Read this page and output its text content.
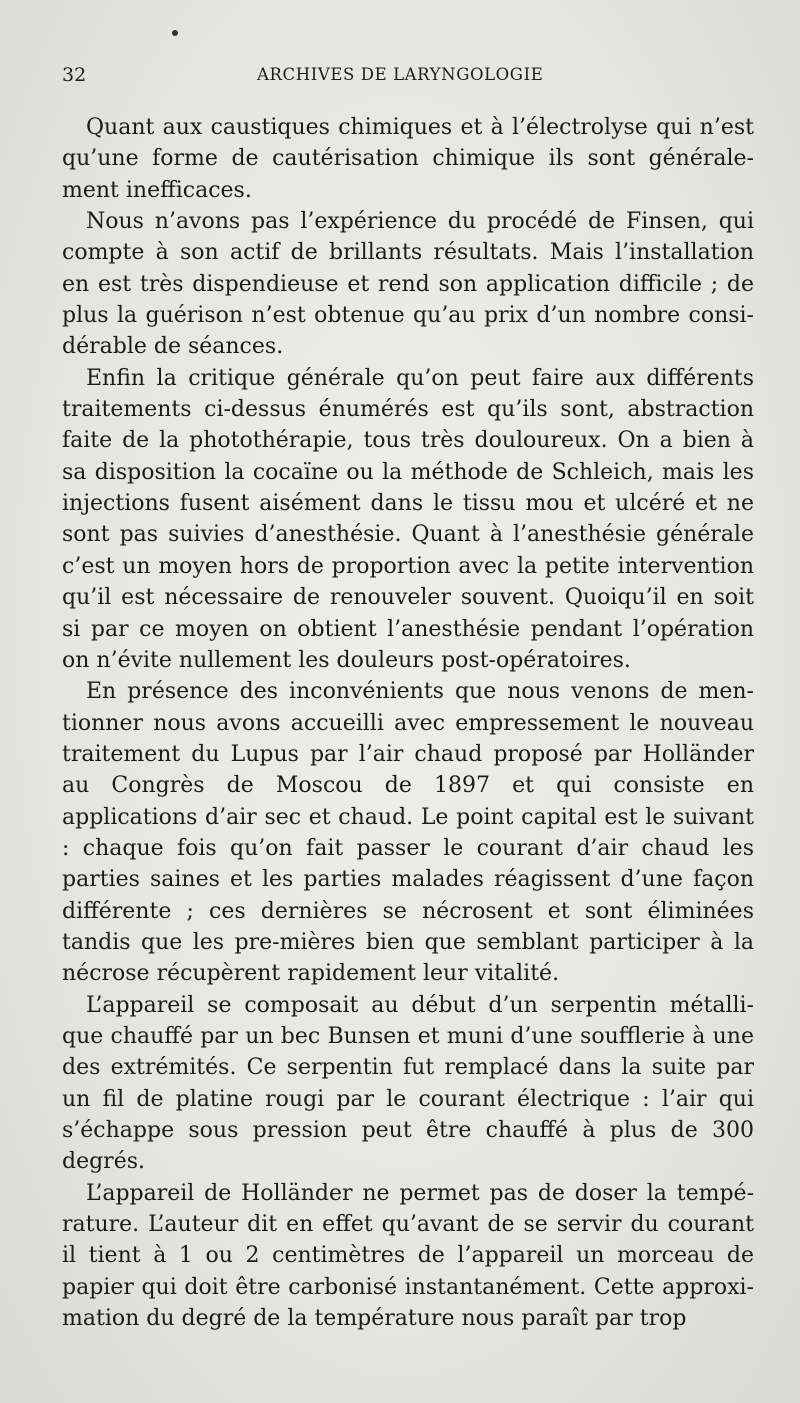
32	ARCHIVES DE LARYNGOLOGIE

Quant aux caustiques chimiques et à l’électrolyse qui n’est qu’une forme de cautérisation chimique ils sont générale-ment inefficaces.

Nous n’avons pas l’expérience du procédé de Finsen, qui compte à son actif de brillants résultats. Mais l’installation en est très dispendieuse et rend son application difficile ; de plus la guérison n’est obtenue qu’au prix d’un nombre consi-dérable de séances.

Enfin la critique générale qu’on peut faire aux différents traitements ci-dessus énumérés est qu’ils sont, abstraction faite de la photothérapie, tous très douloureux. On a bien à sa disposition la cocaïne ou la méthode de Schleich, mais les injections fusent aisément dans le tissu mou et ulcéré et ne sont pas suivies d’anesthésie. Quant à l’anesthésie générale c’est un moyen hors de proportion avec la petite intervention qu’il est nécessaire de renouveler souvent. Quoiqu’il en soit si par ce moyen on obtient l’anesthésie pendant l’opération on n’évite nullement les douleurs post-opératoires.

En présence des inconvénients que nous venons de men-tionner nous avons accueilli avec empressement le nouveau traitement du Lupus par l’air chaud proposé par Holländer au Congrès de Moscou de 1897 et qui consiste en applications d’air sec et chaud. Le point capital est le suivant : chaque fois qu’on fait passer le courant d’air chaud les parties saines et les parties malades réagissent d’une façon différente ; ces dernières se nécrosent et sont éliminées tandis que les pre-mières bien que semblant participer à la nécrose récupèrent rapidement leur vitalité.

L’appareil se composait au début d’un serpentin métalli-que chauffé par un bec Bunsen et muni d’une soufflerie à une des extrémités. Ce serpentin fut remplacé dans la suite par un fil de platine rougi par le courant électrique : l’air qui s’échappe sous pression peut être chauffé à plus de 300 degrés.

L’appareil de Holländer ne permet pas de doser la tempé-rature. L’auteur dit en effet qu’avant de se servir du courant il tient à 1 ou 2 centimètres de l’appareil un morceau de papier qui doit être carbonisé instantanément. Cette approxi-mation du degré de la température nous paraît par trop
